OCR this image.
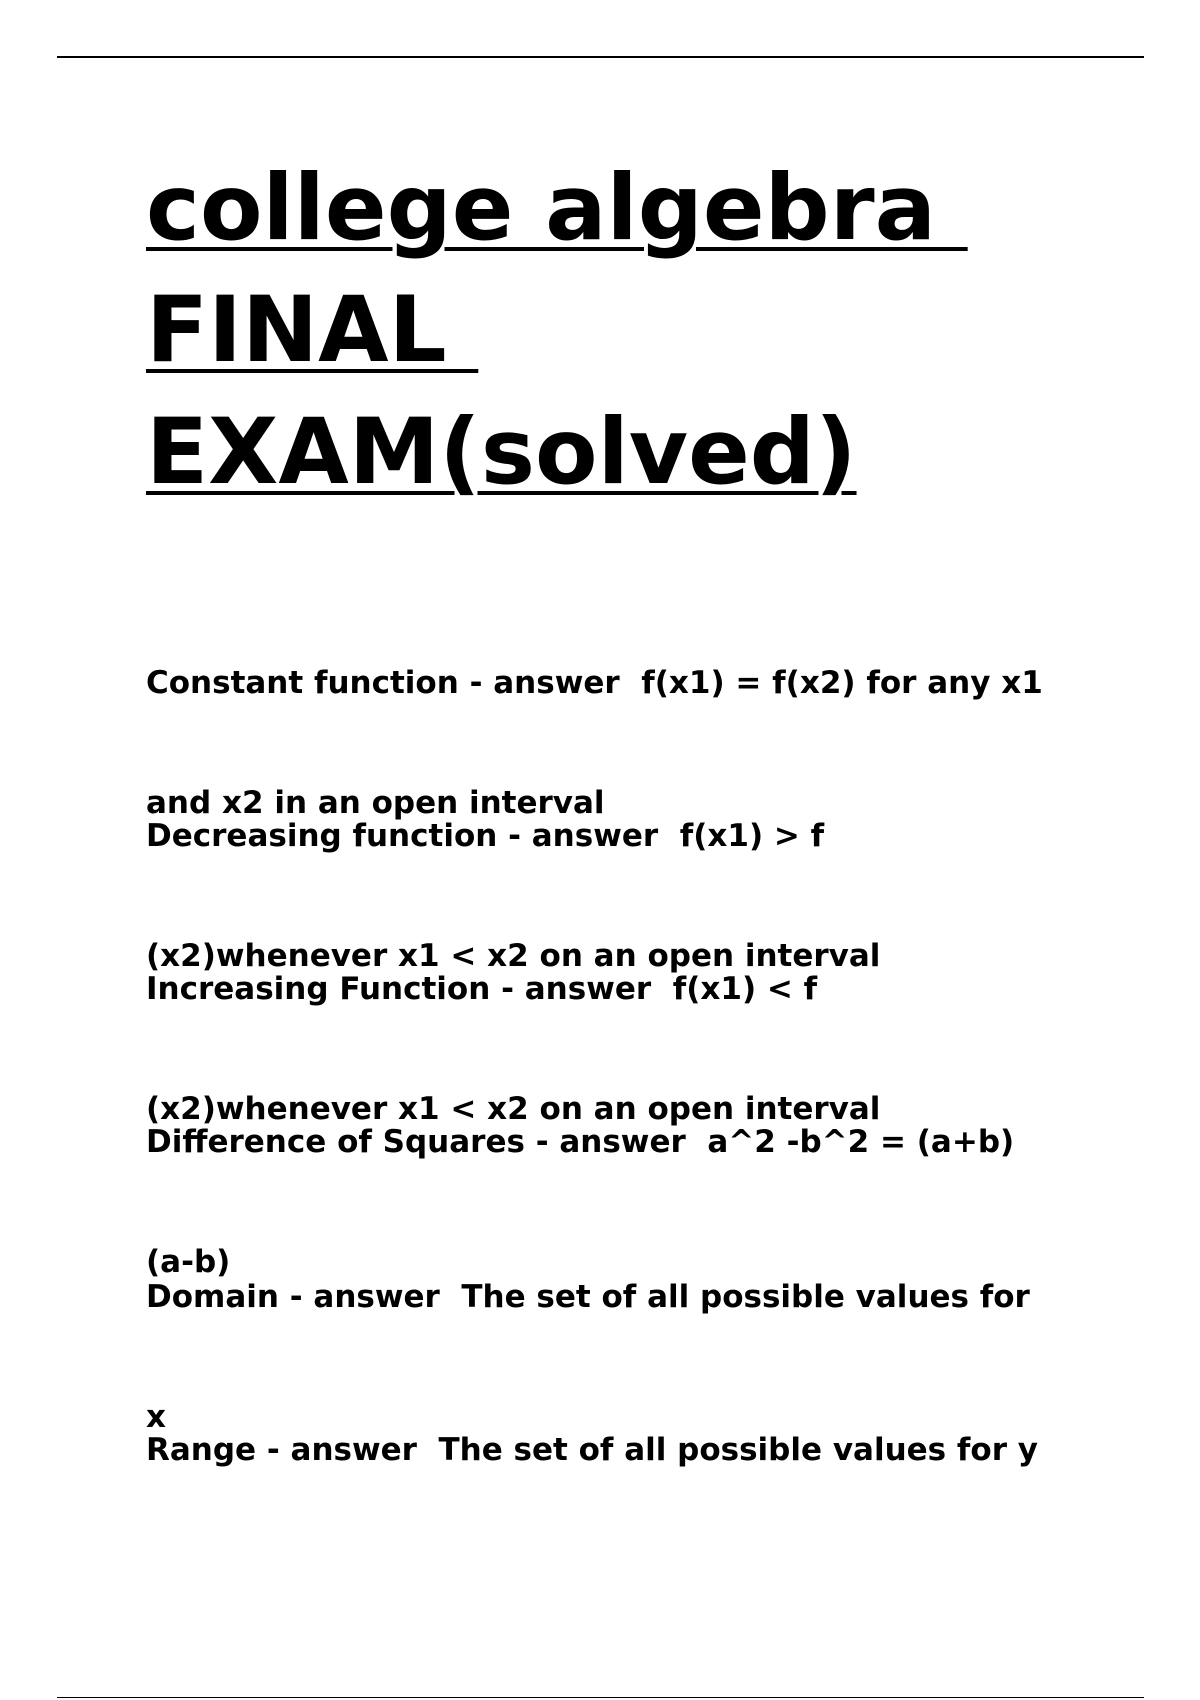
college algebra
FINAL
EXAM(solved)

Constant function - answer  f(x1) = f(x2) for any x1

and x2 in an open interval

Decreasing function - answer  f(x1) > f

(x2)whenever x1 < x2 on an open interval

Increasing Function - answer  f(x1) < f

(x2)whenever x1 < x2 on an open interval

Difference of Squares - answer  a^2 -b^2 = (a+b)

(a-b)

Domain - answer  The set of all possible values for

x

Range - answer  The set of all possible values for y
